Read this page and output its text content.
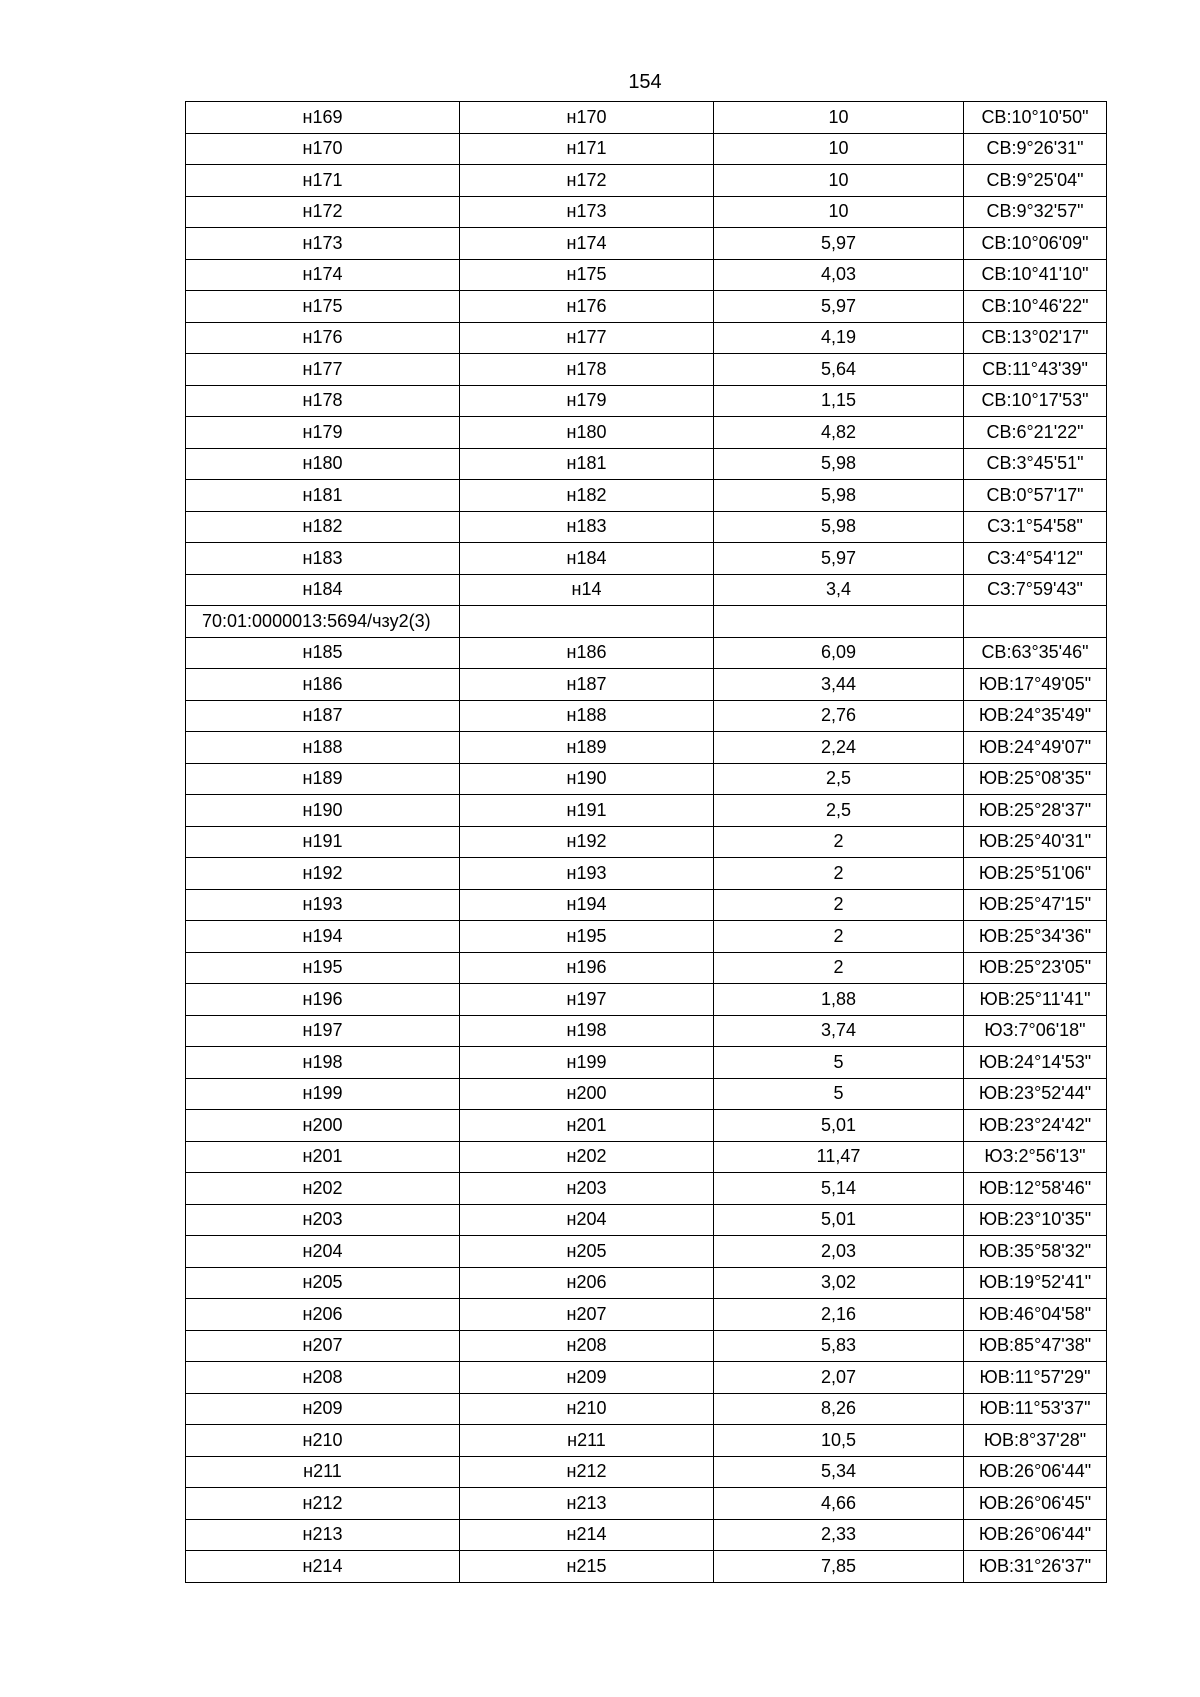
154
н169	н170	10	СВ:10°10'50"
н170	н171	10	СВ:9°26'31"
н171	н172	10	СВ:9°25'04"
н172	н173	10	СВ:9°32'57"
н173	н174	5,97	СВ:10°06'09"
н174	н175	4,03	СВ:10°41'10"
н175	н176	5,97	СВ:10°46'22"
н176	н177	4,19	СВ:13°02'17"
н177	н178	5,64	СВ:11°43'39"
н178	н179	1,15	СВ:10°17'53"
н179	н180	4,82	СВ:6°21'22"
н180	н181	5,98	СВ:3°45'51"
н181	н182	5,98	СВ:0°57'17"
н182	н183	5,98	СЗ:1°54'58"
н183	н184	5,97	СЗ:4°54'12"
н184	н14	3,4	СЗ:7°59'43"
70:01:0000013:5694/чзу2(3)			
н185	н186	6,09	СВ:63°35'46"
н186	н187	3,44	ЮВ:17°49'05"
н187	н188	2,76	ЮВ:24°35'49"
н188	н189	2,24	ЮВ:24°49'07"
н189	н190	2,5	ЮВ:25°08'35"
н190	н191	2,5	ЮВ:25°28'37"
н191	н192	2	ЮВ:25°40'31"
н192	н193	2	ЮВ:25°51'06"
н193	н194	2	ЮВ:25°47'15"
н194	н195	2	ЮВ:25°34'36"
н195	н196	2	ЮВ:25°23'05"
н196	н197	1,88	ЮВ:25°11'41"
н197	н198	3,74	ЮЗ:7°06'18"
н198	н199	5	ЮВ:24°14'53"
н199	н200	5	ЮВ:23°52'44"
н200	н201	5,01	ЮВ:23°24'42"
н201	н202	11,47	ЮЗ:2°56'13"
н202	н203	5,14	ЮВ:12°58'46"
н203	н204	5,01	ЮВ:23°10'35"
н204	н205	2,03	ЮВ:35°58'32"
н205	н206	3,02	ЮВ:19°52'41"
н206	н207	2,16	ЮВ:46°04'58"
н207	н208	5,83	ЮВ:85°47'38"
н208	н209	2,07	ЮВ:11°57'29"
н209	н210	8,26	ЮВ:11°53'37"
н210	н211	10,5	ЮВ:8°37'28"
н211	н212	5,34	ЮВ:26°06'44"
н212	н213	4,66	ЮВ:26°06'45"
н213	н214	2,33	ЮВ:26°06'44"
н214	н215	7,85	ЮВ:31°26'37"
